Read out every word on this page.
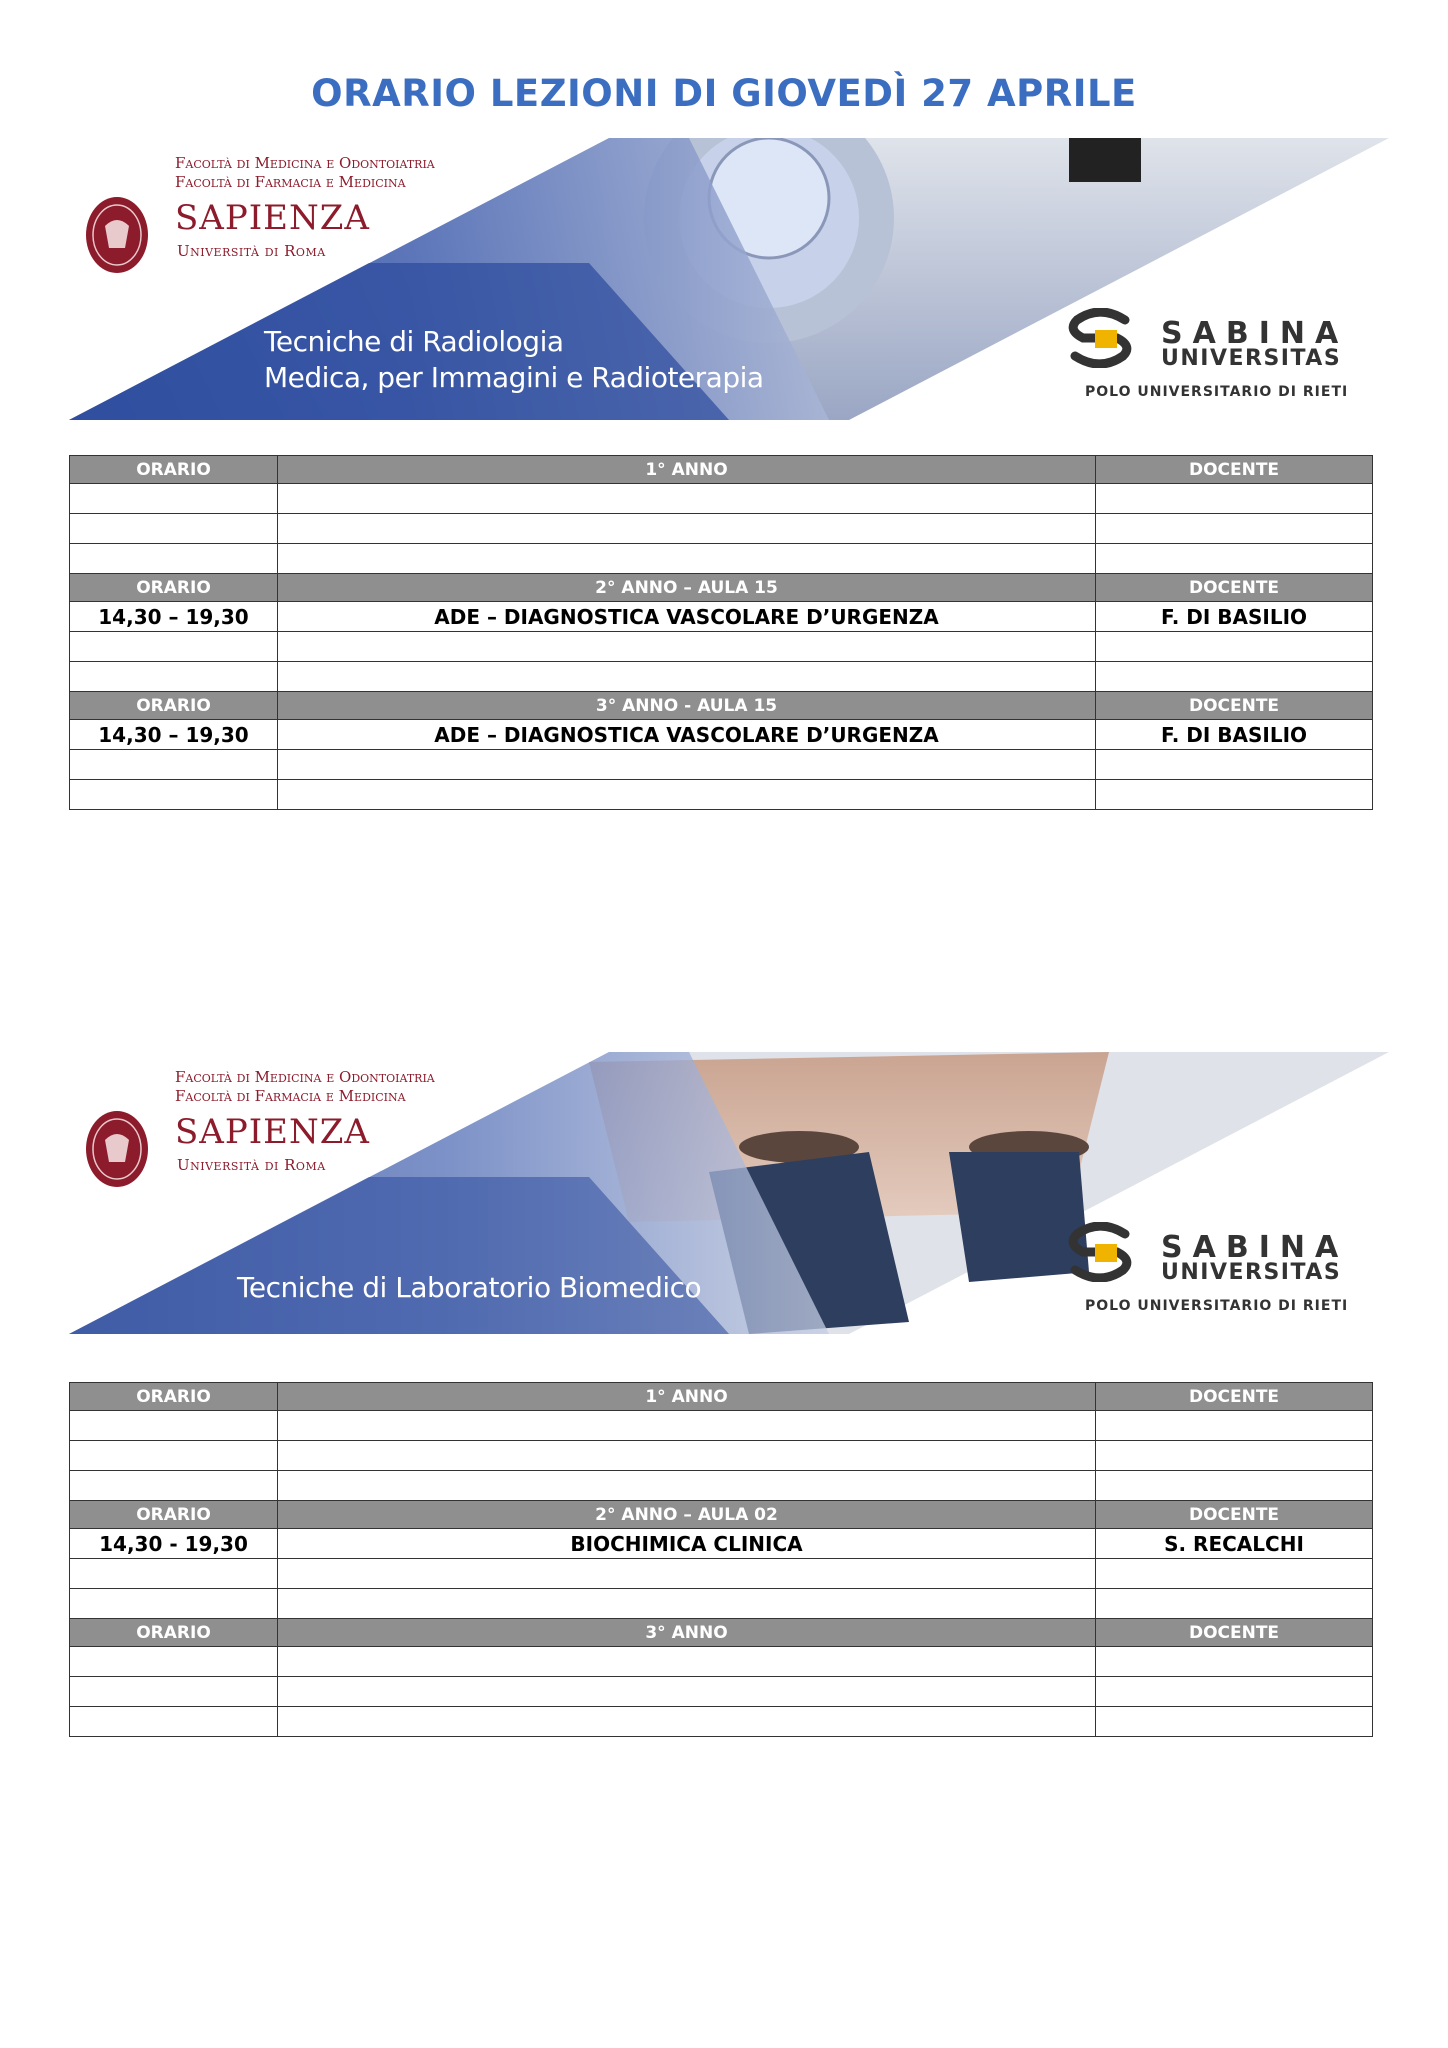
ORARIO LEZIONI DI GIOVEDÌ 27 APRILE
Facoltà di Medicina e Odontoiatria
Facoltà di Farmacia e Medicina
SAPIENZA
Università di Roma
Tecniche di Radiologia
Medica, per Immagini e Radioterapia
SABINA
UNIVERSITAS
POLO UNIVERSITARIO DI RIETI
ORARIO	1° ANNO	DOCENTE

ORARIO	2° ANNO – AULA 15	DOCENTE
14,30 – 19,30	ADE – DIAGNOSTICA VASCOLARE D’URGENZA	F. DI BASILIO

ORARIO	3° ANNO - AULA 15	DOCENTE
14,30 – 19,30	ADE – DIAGNOSTICA VASCOLARE D’URGENZA	F. DI BASILIO

Facoltà di Medicina e Odontoiatria
Facoltà di Farmacia e Medicina
SAPIENZA
Università di Roma
Tecniche di Laboratorio Biomedico
SABINA
UNIVERSITAS
POLO UNIVERSITARIO DI RIETI
ORARIO	1° ANNO	DOCENTE

ORARIO	2° ANNO – AULA 02	DOCENTE
14,30 - 19,30	BIOCHIMICA CLINICA	S. RECALCHI

ORARIO	3° ANNO	DOCENTE
